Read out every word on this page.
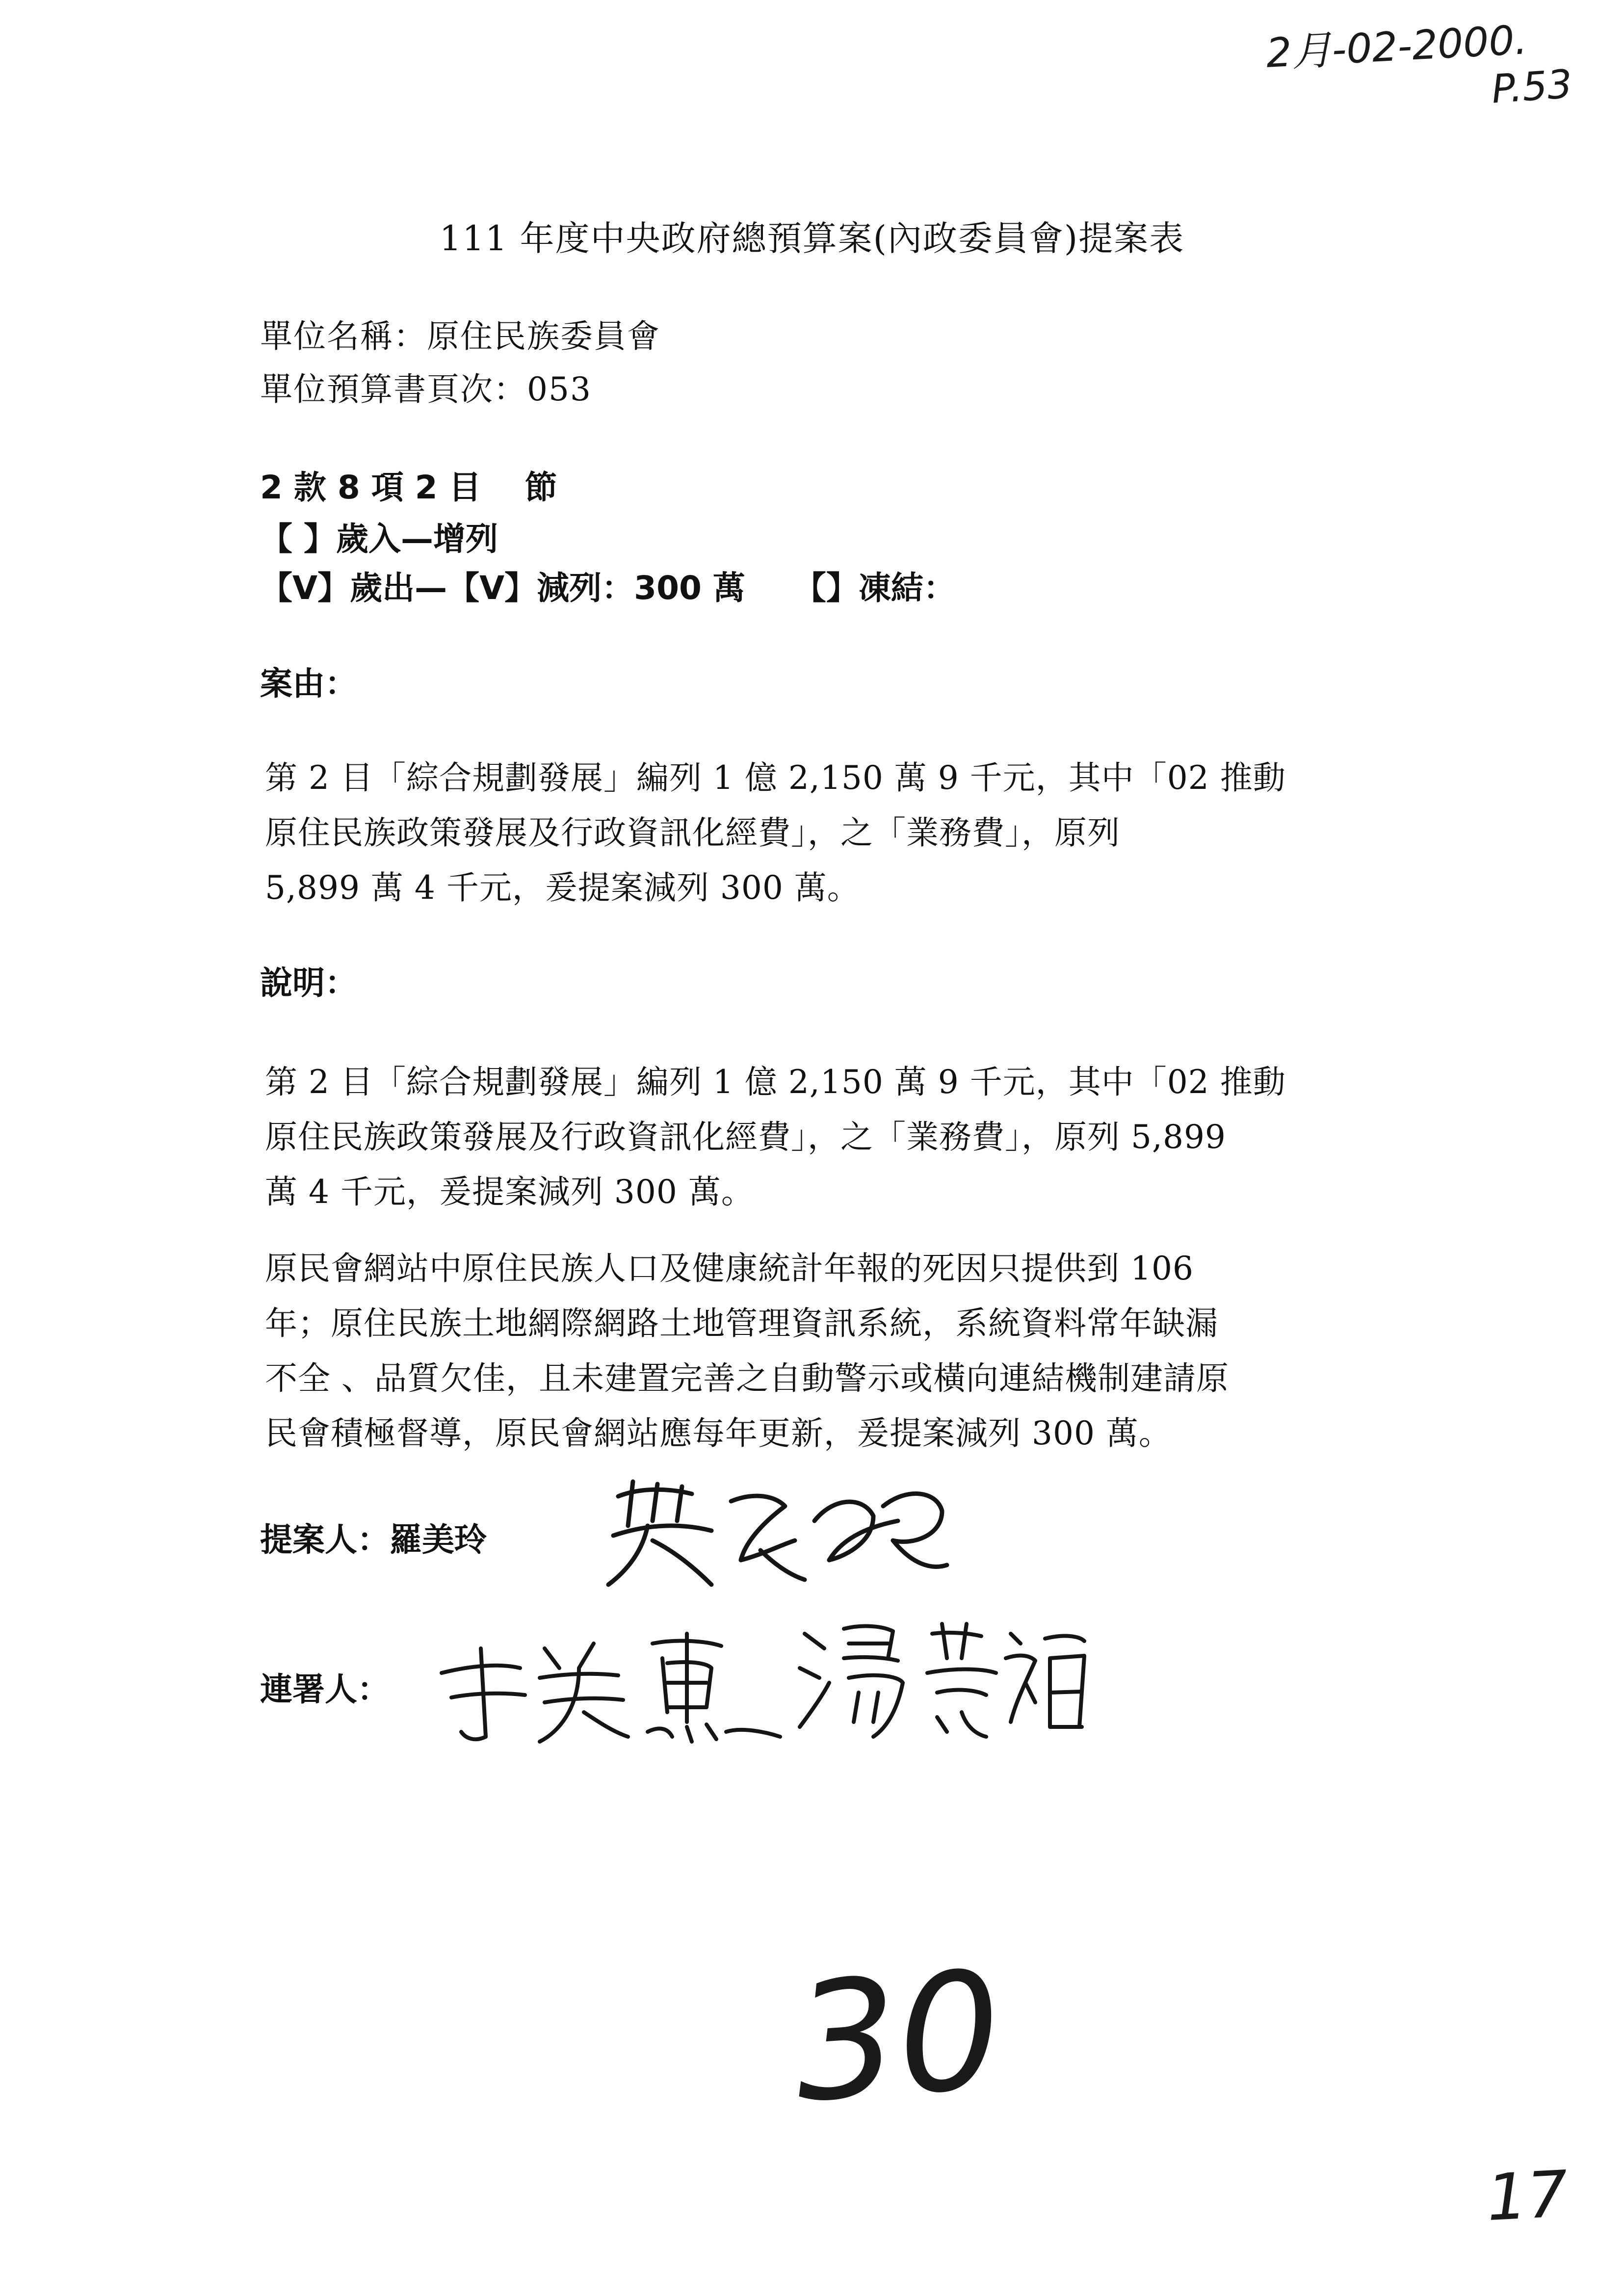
2月-02-2000.
P.53
111 年度中央政府總預算案(內政委員會)提案表
單位名稱：原住民族委員會
單位預算書頁次：053
2 款 8 項 2 目　 節
【 】歲入—增列
【V】歲出—【V】減列：300 萬　　【】凍結：
案由：
第 2 目「綜合規劃發展」編列 1 億 2,150 萬 9 千元，其中「02 推動
原住民族政策發展及行政資訊化經費」，之「業務費」，原列
5,899 萬 4 千元，爰提案減列 300 萬。
說明：
第 2 目「綜合規劃發展」編列 1 億 2,150 萬 9 千元，其中「02 推動
原住民族政策發展及行政資訊化經費」，之「業務費」，原列 5,899
萬 4 千元，爰提案減列 300 萬。
原民會網站中原住民族人口及健康統計年報的死因只提供到 106
年；原住民族土地網際網路土地管理資訊系統，系統資料常年缺漏
不全 、品質欠佳，且未建置完善之自動警示或橫向連結機制建請原
民會積極督導，原民會網站應每年更新，爰提案減列 300 萬。
提案人：羅美玲
連署人：
30
17
